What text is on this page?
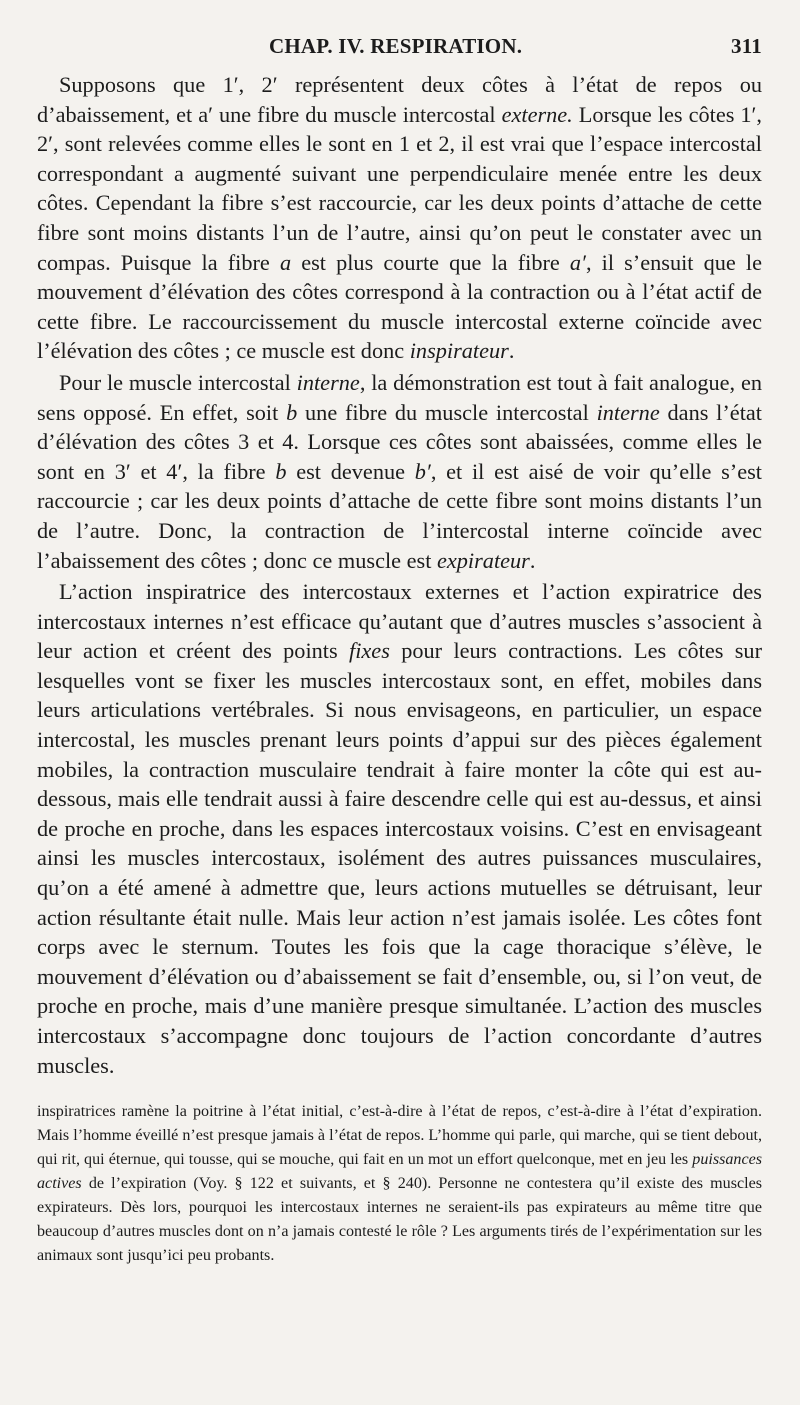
CHAP. IV. RESPIRATION.	311

Supposons que 1′, 2′ représentent deux côtes à l’état de repos ou d’abaissement, et a′ une fibre du muscle intercostal externe. Lorsque les côtes 1′, 2′, sont relevées comme elles le sont en 1 et 2, il est vrai que l’espace intercostal correspondant a augmenté suivant une perpendiculaire menée entre les deux côtes. Cependant la fibre s’est raccourcie, car les deux points d’attache de cette fibre sont moins distants l’un de l’autre, ainsi qu’on peut le constater avec un compas. Puisque la fibre a est plus courte que la fibre a′, il s’ensuit que le mouvement d’élévation des côtes correspond à la contraction ou à l’état actif de cette fibre. Le raccourcissement du muscle intercostal externe coïncide avec l’élévation des côtes ; ce muscle est donc inspirateur.

Pour le muscle intercostal interne, la démonstration est tout à fait analogue, en sens opposé. En effet, soit b une fibre du muscle intercostal interne dans l’état d’élévation des côtes 3 et 4. Lorsque ces côtes sont abaissées, comme elles le sont en 3′ et 4′, la fibre b est devenue b′, et il est aisé de voir qu’elle s’est raccourcie ; car les deux points d’attache de cette fibre sont moins distants l’un de l’autre. Donc, la contraction de l’intercostal interne coïncide avec l’abaissement des côtes ; donc ce muscle est expirateur.

L’action inspiratrice des intercostaux externes et l’action expiratrice des intercostaux internes n’est efficace qu’autant que d’autres muscles s’associent à leur action et créent des points fixes pour leurs contractions. Les côtes sur lesquelles vont se fixer les muscles intercostaux sont, en effet, mobiles dans leurs articulations vertébrales. Si nous envisageons, en particulier, un espace intercostal, les muscles prenant leurs points d’appui sur des pièces également mobiles, la contraction musculaire tendrait à faire monter la côte qui est au-dessous, mais elle tendrait aussi à faire descendre celle qui est au-dessus, et ainsi de proche en proche, dans les espaces intercostaux voisins. C’est en envisageant ainsi les muscles intercostaux, isolément des autres puissances musculaires, qu’on a été amené à admettre que, leurs actions mutuelles se détruisant, leur action résultante était nulle. Mais leur action n’est jamais isolée. Les côtes font corps avec le sternum. Toutes les fois que la cage thoracique s’élève, le mouvement d’élévation ou d’abaissement se fait d’ensemble, ou, si l’on veut, de proche en proche, mais d’une manière presque simultanée. L’action des muscles intercostaux s’accompagne donc toujours de l’action concordante d’autres muscles.

inspiratrices ramène la poitrine à l’état initial, c’est-à-dire à l’état de repos, c’est-à-dire à l’état d’expiration. Mais l’homme éveillé n’est presque jamais à l’état de repos. L’homme qui parle, qui marche, qui se tient debout, qui rit, qui éternue, qui tousse, qui se mouche, qui fait en un mot un effort quelconque, met en jeu les puissances actives de l’expiration (Voy. § 122 et suivants, et § 240). Personne ne contestera qu’il existe des muscles expirateurs. Dès lors, pourquoi les intercostaux internes ne seraient-ils pas expirateurs au même titre que beaucoup d’autres muscles dont on n’a jamais contesté le rôle ? Les arguments tirés de l’expérimentation sur les animaux sont jusqu’ici peu probants.
